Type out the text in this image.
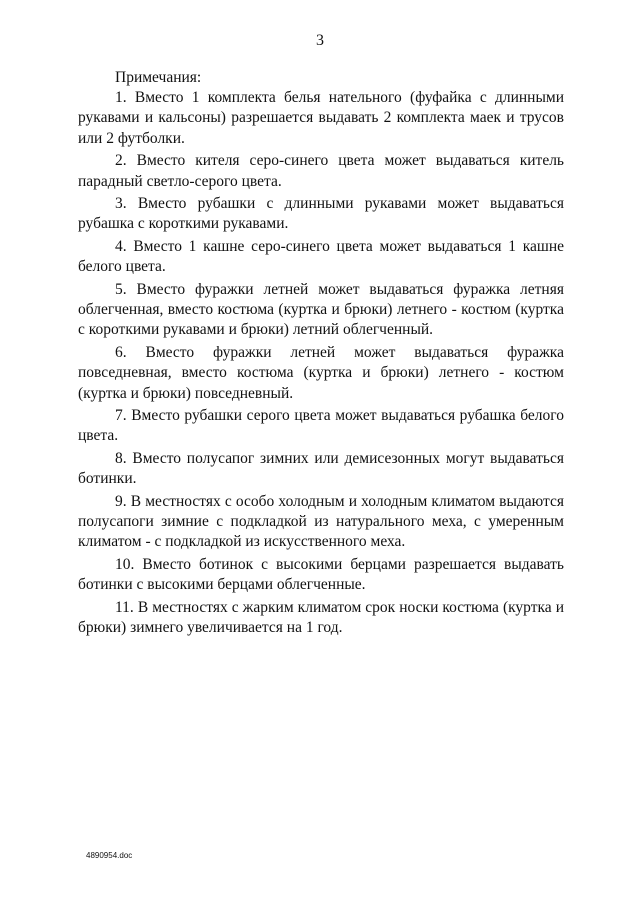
3

Примечания:

1. Вместо 1 комплекта белья нательного (фуфайка с длинными рукавами и кальсоны) разрешается выдавать 2 комплекта маек и трусов или 2 футболки.

2. Вместо кителя серо-синего цвета может выдаваться китель парадный светло-серого цвета.

3. Вместо рубашки с длинными рукавами может выдаваться рубашка с короткими рукавами.

4. Вместо 1 кашне серо-синего цвета может выдаваться 1 кашне белого цвета.

5. Вместо фуражки летней может выдаваться фуражка летняя облегченная, вместо костюма (куртка и брюки) летнего - костюм (куртка с короткими рукавами и брюки) летний облегченный.

6. Вместо фуражки летней может выдаваться фуражка повседневная, вместо костюма (куртка и брюки) летнего - костюм (куртка и брюки) повседневный.

7. Вместо рубашки серого цвета может выдаваться рубашка белого цвета.

8. Вместо полусапог зимних или демисезонных могут выдаваться ботинки.

9. В местностях с особо холодным и холодным климатом выдаются полусапоги зимние с подкладкой из натурального меха, с умеренным климатом - с подкладкой из искусственного меха.

10. Вместо ботинок с высокими берцами разрешается выдавать ботинки с высокими берцами облегченные.

11. В местностях с жарким климатом срок носки костюма (куртка и брюки) зимнего увеличивается на 1 год.

4890954.doc
